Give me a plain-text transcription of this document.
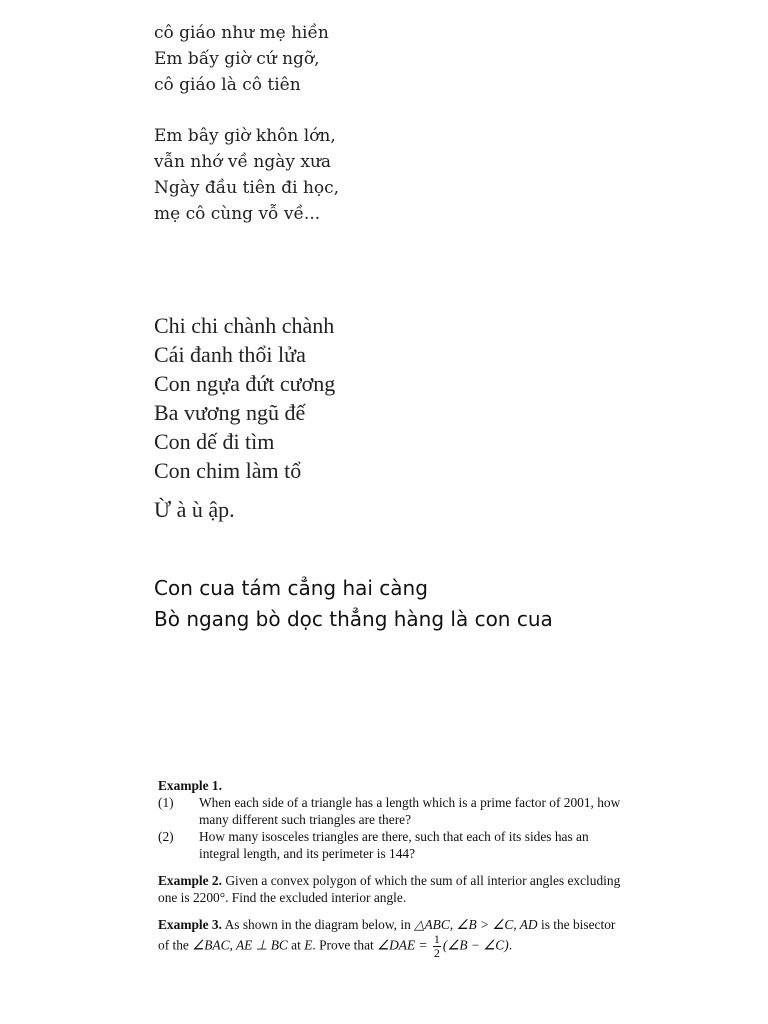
cô giáo như mẹ hiền
Em bấy giờ cứ ngỡ,
cô giáo là cô tiên
Em bây giờ khôn lớn,
vẫn nhớ về ngày xưa
Ngày đầu tiên đi học,
mẹ cô cùng vỗ về...
Chi chi chành chành
Cái đanh thổi lửa
Con ngựa đứt cương
Ba vương ngũ đế
Con dế đi tìm
Con chim làm tổ
Ừ à ù ập.
Con cua tám cẳng hai càng
Bò ngang bò dọc thẳng hàng là con cua
Example 1.
(1)	When each side of a triangle has a length which is a prime factor of 2001, how many different such triangles are there?
(2)	How many isosceles triangles are there, such that each of its sides has an integral length, and its perimeter is 144?
Example 2. Given a convex polygon of which the sum of all interior angles excluding one is 2200°. Find the excluded interior angle.
Example 3. As shown in the diagram below, in △ABC, ∠B > ∠C, AD is the bisector of the ∠BAC, AE ⊥ BC at E. Prove that ∠DAE = $\frac{1}{2}$ (∠B − ∠C).
